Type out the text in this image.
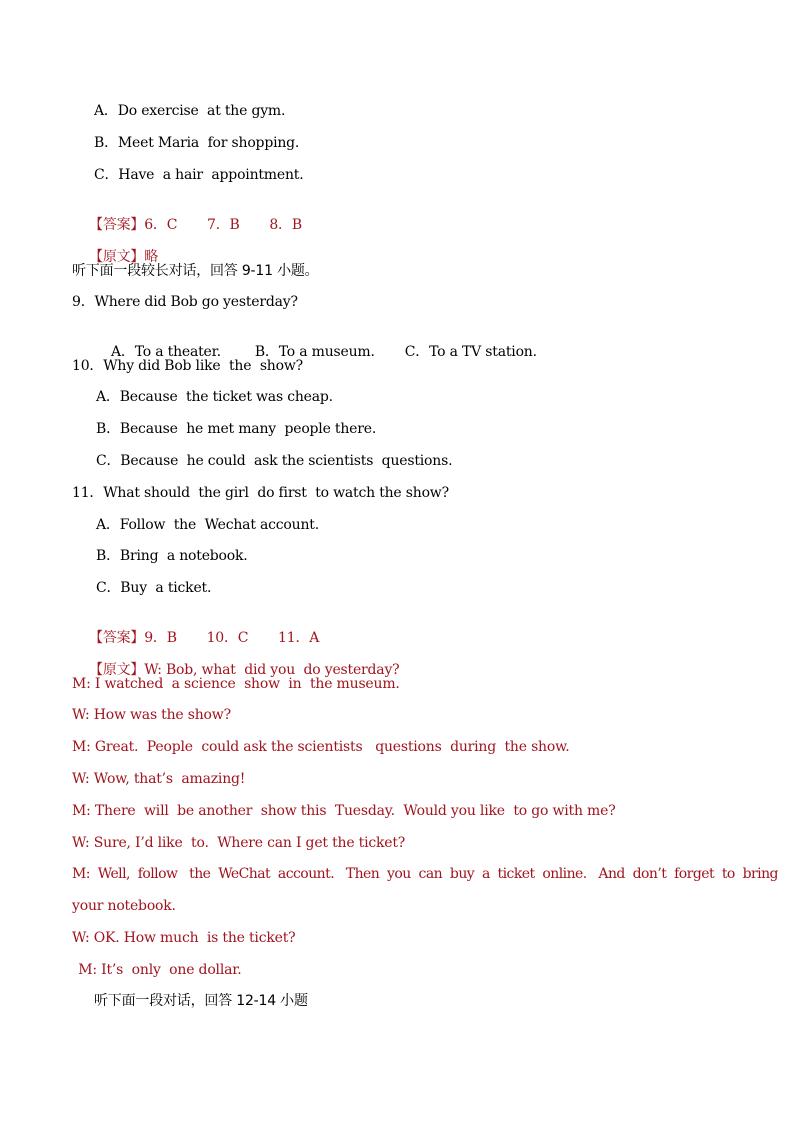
A．Do exercise  at the gym.
B．Meet Maria  for shopping.
C．Have  a hair  appointment.

【答案】6．C       7．B       8．B

【原文】略

听下面一段较长对话，回答 9-11 小题。
9．Where did Bob go yesterday?

A．To a theater. B．To a museum. C．To a TV station.

10．Why did Bob like  the  show?
A．Because  the ticket was cheap.
B．Because  he met many  people there.
C．Because  he could  ask the scientists  questions.
11．What should  the girl  do first  to watch the show?
A．Follow  the  Wechat account.
B．Bring  a notebook.
C．Buy  a ticket.

【答案】9．B       10．C       11．A

【原文】W: Bob, what  did you  do yesterday?

M: I watched  a science  show  in  the museum.
W: How was the show?
M: Great.  People  could ask the scientists   questions  during  the show.
W: Wow, that’s  amazing!
M: There  will  be another  show this  Tuesday.  Would you like  to go with me?
W: Sure, I’d like  to.  Where can I get the ticket?
M:  Well,  follow   the  WeChat  account.   Then  you  can  buy  a  ticket  online.   And  don’t  forget  to  bring
your notebook.
W: OK. How much  is the ticket?
M: It’s  only  one dollar.
听下面一段对话，回答 12-14 小题
